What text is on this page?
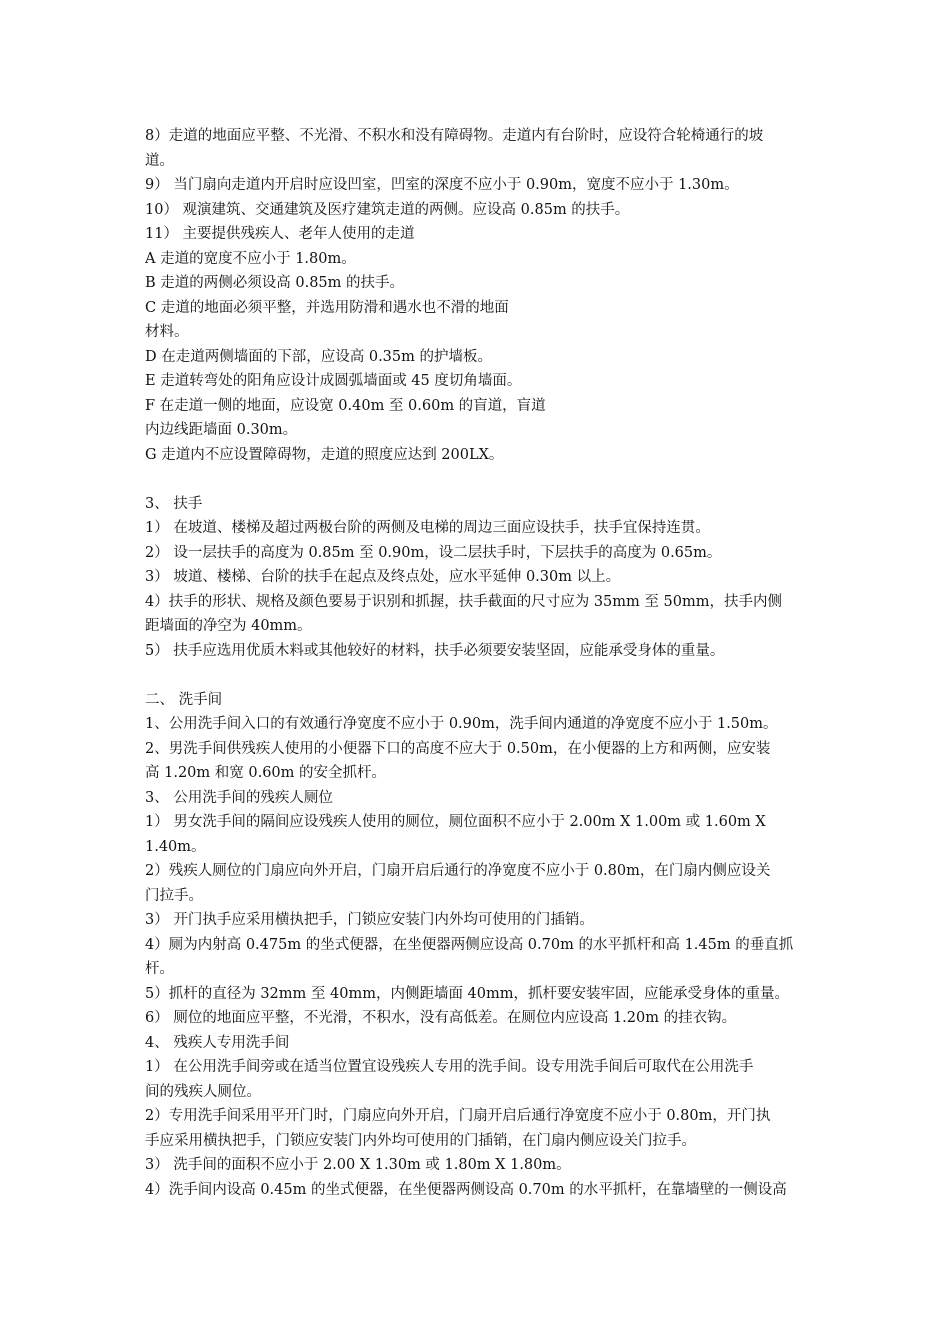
8）走道的地面应平整、不光滑、不积水和没有障碍物。走道内有台阶时，应设符合轮椅通行的坡
道。
9） 当门扇向走道内开启时应设凹室，凹室的深度不应小于 0.90m，宽度不应小于 1.30m。
10） 观演建筑、交通建筑及医疗建筑走道的两侧。应设高 0.85m 的扶手。
11） 主要提供残疾人、老年人使用的走道
A 走道的宽度不应小于 1.80m。
B 走道的两侧必须设高 0.85m 的扶手。
C 走道的地面必须平整，并选用防滑和遇水也不滑的地面
材料。
D 在走道两侧墙面的下部，应设高 0.35m 的护墙板。
E 走道转弯处的阳角应设计成圆弧墙面或 45 度切角墙面。
F 在走道一侧的地面，应设宽 0.40m 至 0.60m 的盲道，盲道
内边线距墙面 0.30m。
G 走道内不应设置障碍物，走道的照度应达到 200LX。
3、 扶手
1） 在坡道、楼梯及超过两极台阶的两侧及电梯的周边三面应设扶手，扶手宜保持连贯。
2） 设一层扶手的高度为 0.85m 至 0.90m，设二层扶手时，下层扶手的高度为 0.65m。
3） 坡道、楼梯、台阶的扶手在起点及终点处，应水平延伸 0.30m 以上。
4）扶手的形状、规格及颜色要易于识别和抓握，扶手截面的尺寸应为 35mm 至 50mm，扶手内侧
距墙面的净空为 40mm。
5） 扶手应选用优质木料或其他较好的材料，扶手必须要安装坚固，应能承受身体的重量。
二、 洗手间
1、公用洗手间入口的有效通行净宽度不应小于 0.90m，洗手间内通道的净宽度不应小于 1.50m。
2、男洗手间供残疾人使用的小便器下口的高度不应大于 0.50m，在小便器的上方和两侧，应安装
高 1.20m 和宽 0.60m 的安全抓杆。
3、 公用洗手间的残疾人厕位
1） 男女洗手间的隔间应设残疾人使用的厕位，厕位面积不应小于 2.00m X 1.00m 或 1.60m X
1.40m。
2）残疾人厕位的门扇应向外开启，门扇开启后通行的净宽度不应小于 0.80m，在门扇内侧应设关
门拉手。
3） 开门执手应采用横执把手，门锁应安装门内外均可使用的门插销。
4）厕为内射高 0.475m 的坐式便器，在坐便器两侧应设高 0.70m 的水平抓杆和高 1.45m 的垂直抓
杆。
5）抓杆的直径为 32mm 至 40mm，内侧距墙面 40mm，抓杆要安装牢固，应能承受身体的重量。
6） 厕位的地面应平整，不光滑，不积水，没有高低差。在厕位内应设高 1.20m 的挂衣钩。
4、 残疾人专用洗手间
1） 在公用洗手间旁或在适当位置宜设残疾人专用的洗手间。设专用洗手间后可取代在公用洗手
间的残疾人厕位。
2）专用洗手间采用平开门时，门扇应向外开启，门扇开启后通行净宽度不应小于 0.80m，开门执
手应采用横执把手，门锁应安装门内外均可使用的门插销，在门扇内侧应设关门拉手。
3） 洗手间的面积不应小于 2.00 X 1.30m 或 1.80m X 1.80m。
4）洗手间内设高 0.45m 的坐式便器，在坐便器两侧设高 0.70m 的水平抓杆，在靠墙壁的一侧设高
